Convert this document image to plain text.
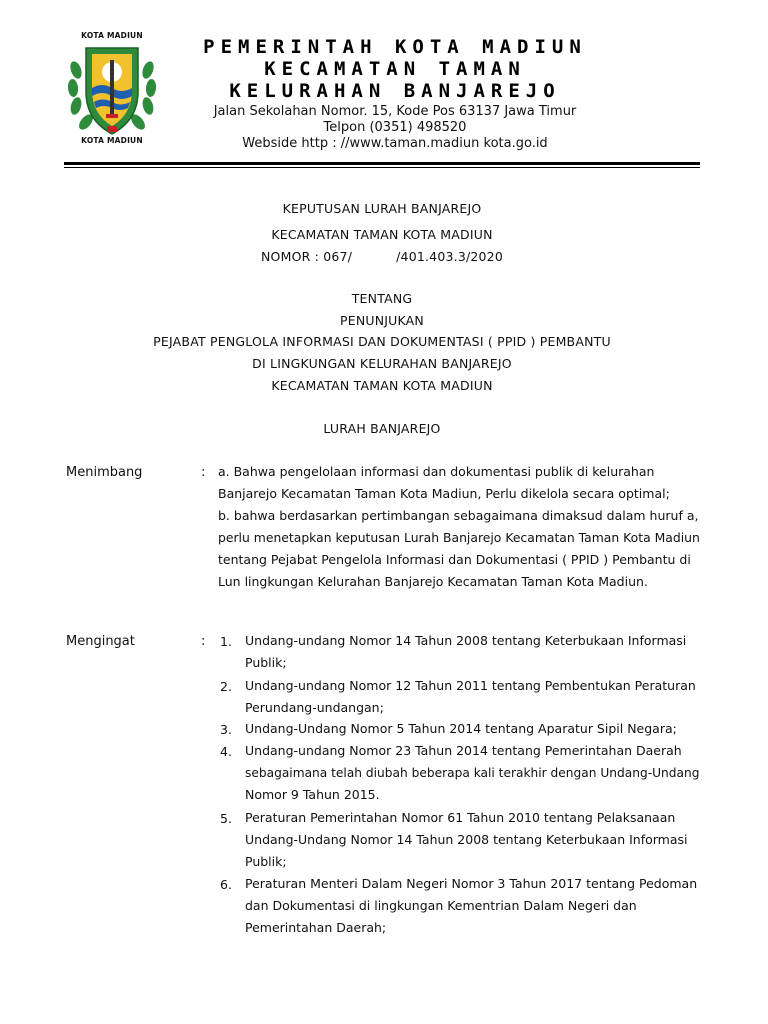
KOTA MADIUN
KOTA MADIUN
PEMERINTAH KOTA MADIUN
KECAMATAN TAMAN
KELURAHAN BANJAREJO
Jalan Sekolahan Nomor. 15, Kode Pos 63137 Jawa Timur
Telpon (0351) 498520
Webside http : //www.taman.madiun kota.go.id
KEPUTUSAN LURAH BANJAREJO
KECAMATAN TAMAN KOTA MADIUN
NOMOR : 067/	/401.403.3/2020
TENTANG
PENUNJUKAN
PEJABAT PENGLOLA INFORMASI DAN DOKUMENTASI ( PPID ) PEMBANTU
DI LINGKUNGAN KELURAHAN BANJAREJO
KECAMATAN TAMAN KOTA MADIUN
LURAH BANJAREJO
Menimbang	: a. Bahwa pengelolaan informasi dan dokumentasi publik di kelurahan
Banjarejo Kecamatan Taman Kota Madiun, Perlu dikelola secara optimal;
b. bahwa berdasarkan pertimbangan sebagaimana dimaksud dalam huruf a,
perlu menetapkan keputusan Lurah Banjarejo Kecamatan Taman Kota Madiun
tentang Pejabat Pengelola Informasi dan Dokumentasi ( PPID ) Pembantu di
Lun lingkungan Kelurahan Banjarejo Kecamatan Taman Kota Madiun.
Mengingat	: 1. Undang-undang Nomor 14 Tahun 2008 tentang Keterbukaan Informasi
Publik;
2. Undang-undang Nomor 12 Tahun 2011 tentang Pembentukan Peraturan
Perundang-undangan;
3. Undang-Undang Nomor 5 Tahun 2014 tentang Aparatur Sipil Negara;
4. Undang-undang Nomor 23 Tahun 2014 tentang Pemerintahan Daerah
sebagaimana telah diubah beberapa kali terakhir dengan Undang-Undang
Nomor 9 Tahun 2015.
5. Peraturan Pemerintahan Nomor 61 Tahun 2010 tentang Pelaksanaan
Undang-Undang Nomor 14 Tahun 2008 tentang Keterbukaan Informasi
Publik;
6. Peraturan Menteri Dalam Negeri Nomor 3 Tahun 2017 tentang Pedoman
dan Dokumentasi di lingkungan Kementrian Dalam Negeri dan
Pemerintahan Daerah;
